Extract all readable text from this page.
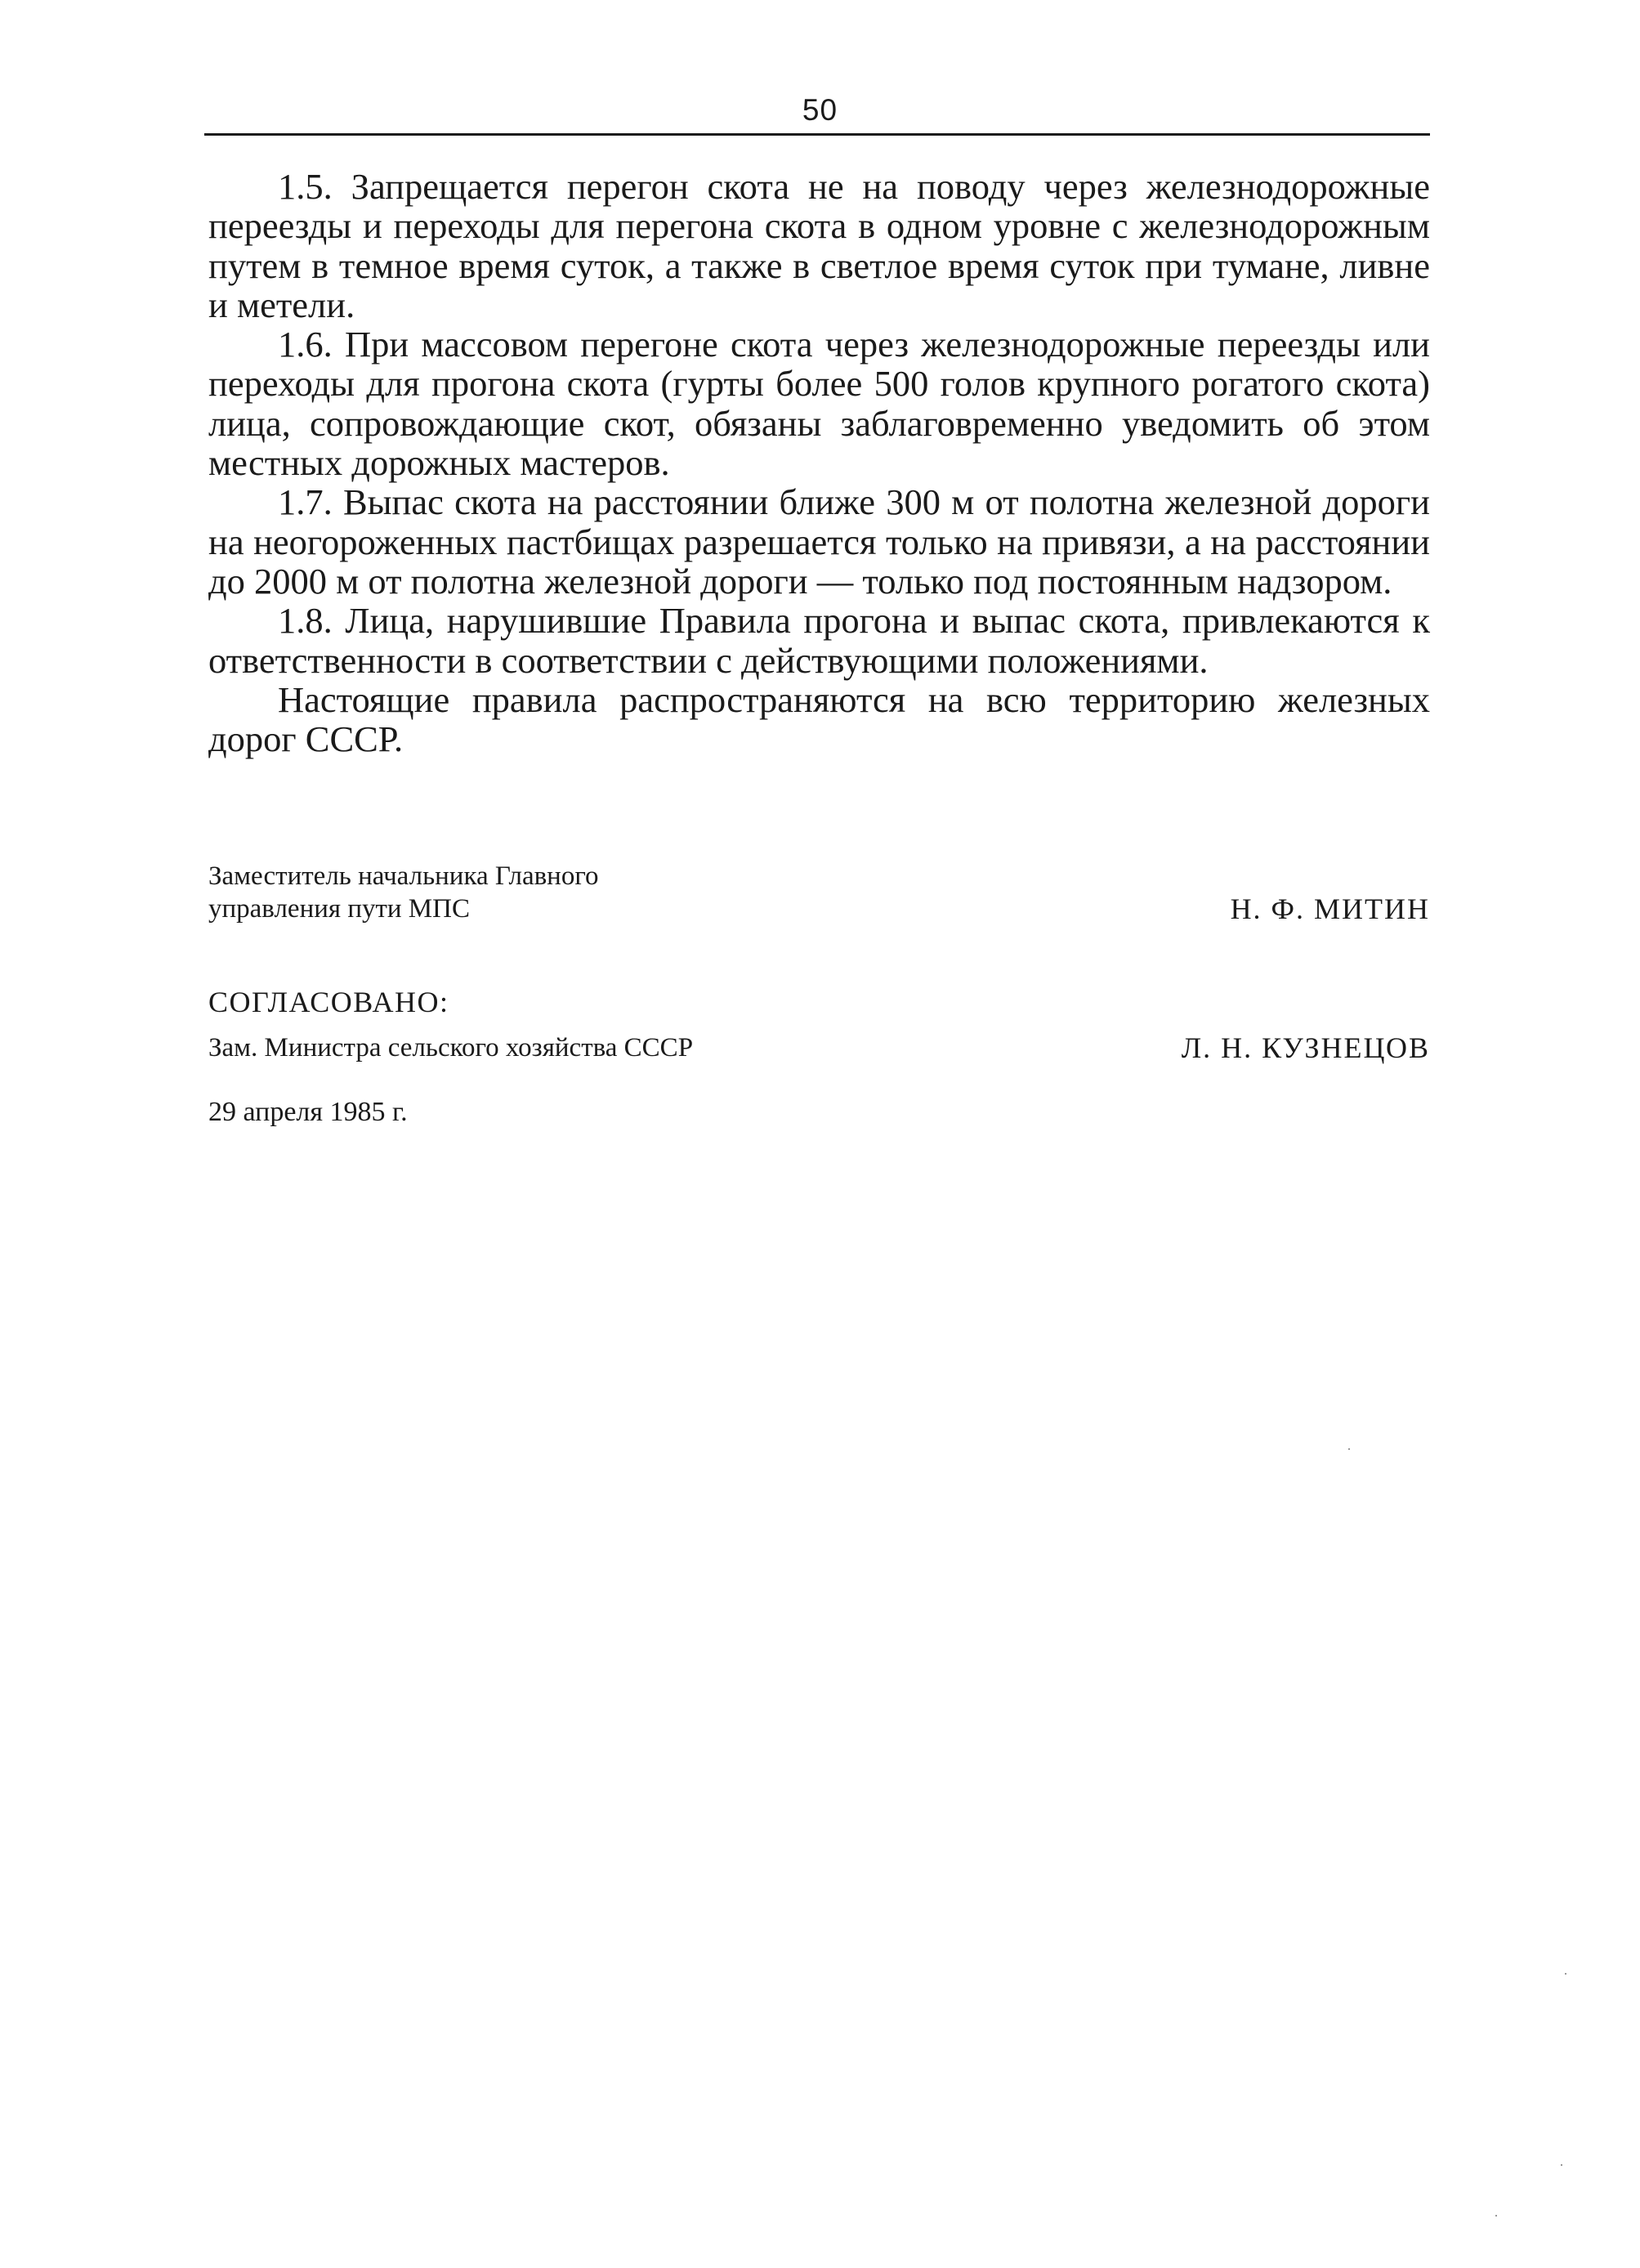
50

1.5. Запрещается перегон скота не на поводу через железнодорожные переезды и переходы для перегона скота в одном уровне с железнодорожным путем в темное время суток, а также в светлое время суток при тумане, ливне и метели.

1.6. При массовом перегоне скота через железнодорожные переезды или переходы для прогона скота (гурты более 500 голов крупного рогатого скота) лица, сопровождающие скот, обязаны заблаговременно уведомить об этом местных дорожных мастеров.

1.7. Выпас скота на расстоянии ближе 300 м от полотна железной дороги на неогороженных пастбищах разрешается только на привязи, а на расстоянии до 2000 м от полотна железной дороги — только под постоянным надзором.

1.8. Лица, нарушившие Правила прогона и выпас скота, привлекаются к ответственности в соответствии с действующими положениями.

Настоящие правила распространяются на всю территорию железных дорог СССР.

Заместитель начальника Главного
управления пути МПС	Н. Ф. МИТИН
СОГЛАСОВАНО:
Зам. Министра сельского хозяйства СССР	Л. Н. КУЗНЕЦОВ
29 апреля 1985 г.
